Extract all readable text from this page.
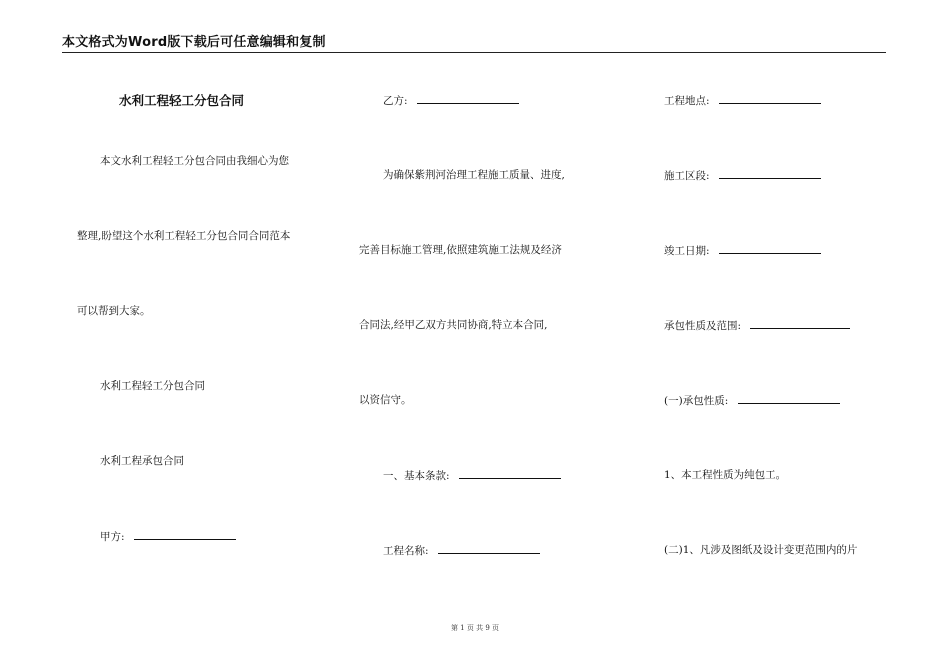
本文格式为Word版下载后可任意编辑和复制
水利工程轻工分包合同
本文水利工程轻工分包合同由我细心为您
整理,盼望这个水利工程轻工分包合同合同范本
可以帮到大家。
水利工程轻工分包合同
水利工程承包合同
甲方:
乙方:
为确保紫荆河治理工程施工质量、进度,
完善目标施工管理,依照建筑施工法规及经济
合同法,经甲乙双方共同协商,特立本合同,
以资信守。
一、基本条款:
工程名称:
工程地点:
施工区段:
竣工日期:
承包性质及范围:
(一)承包性质:
1、本工程性质为纯包工。
(二)1、凡涉及图纸及设计变更范围内的片
第 1 页 共 9 页
